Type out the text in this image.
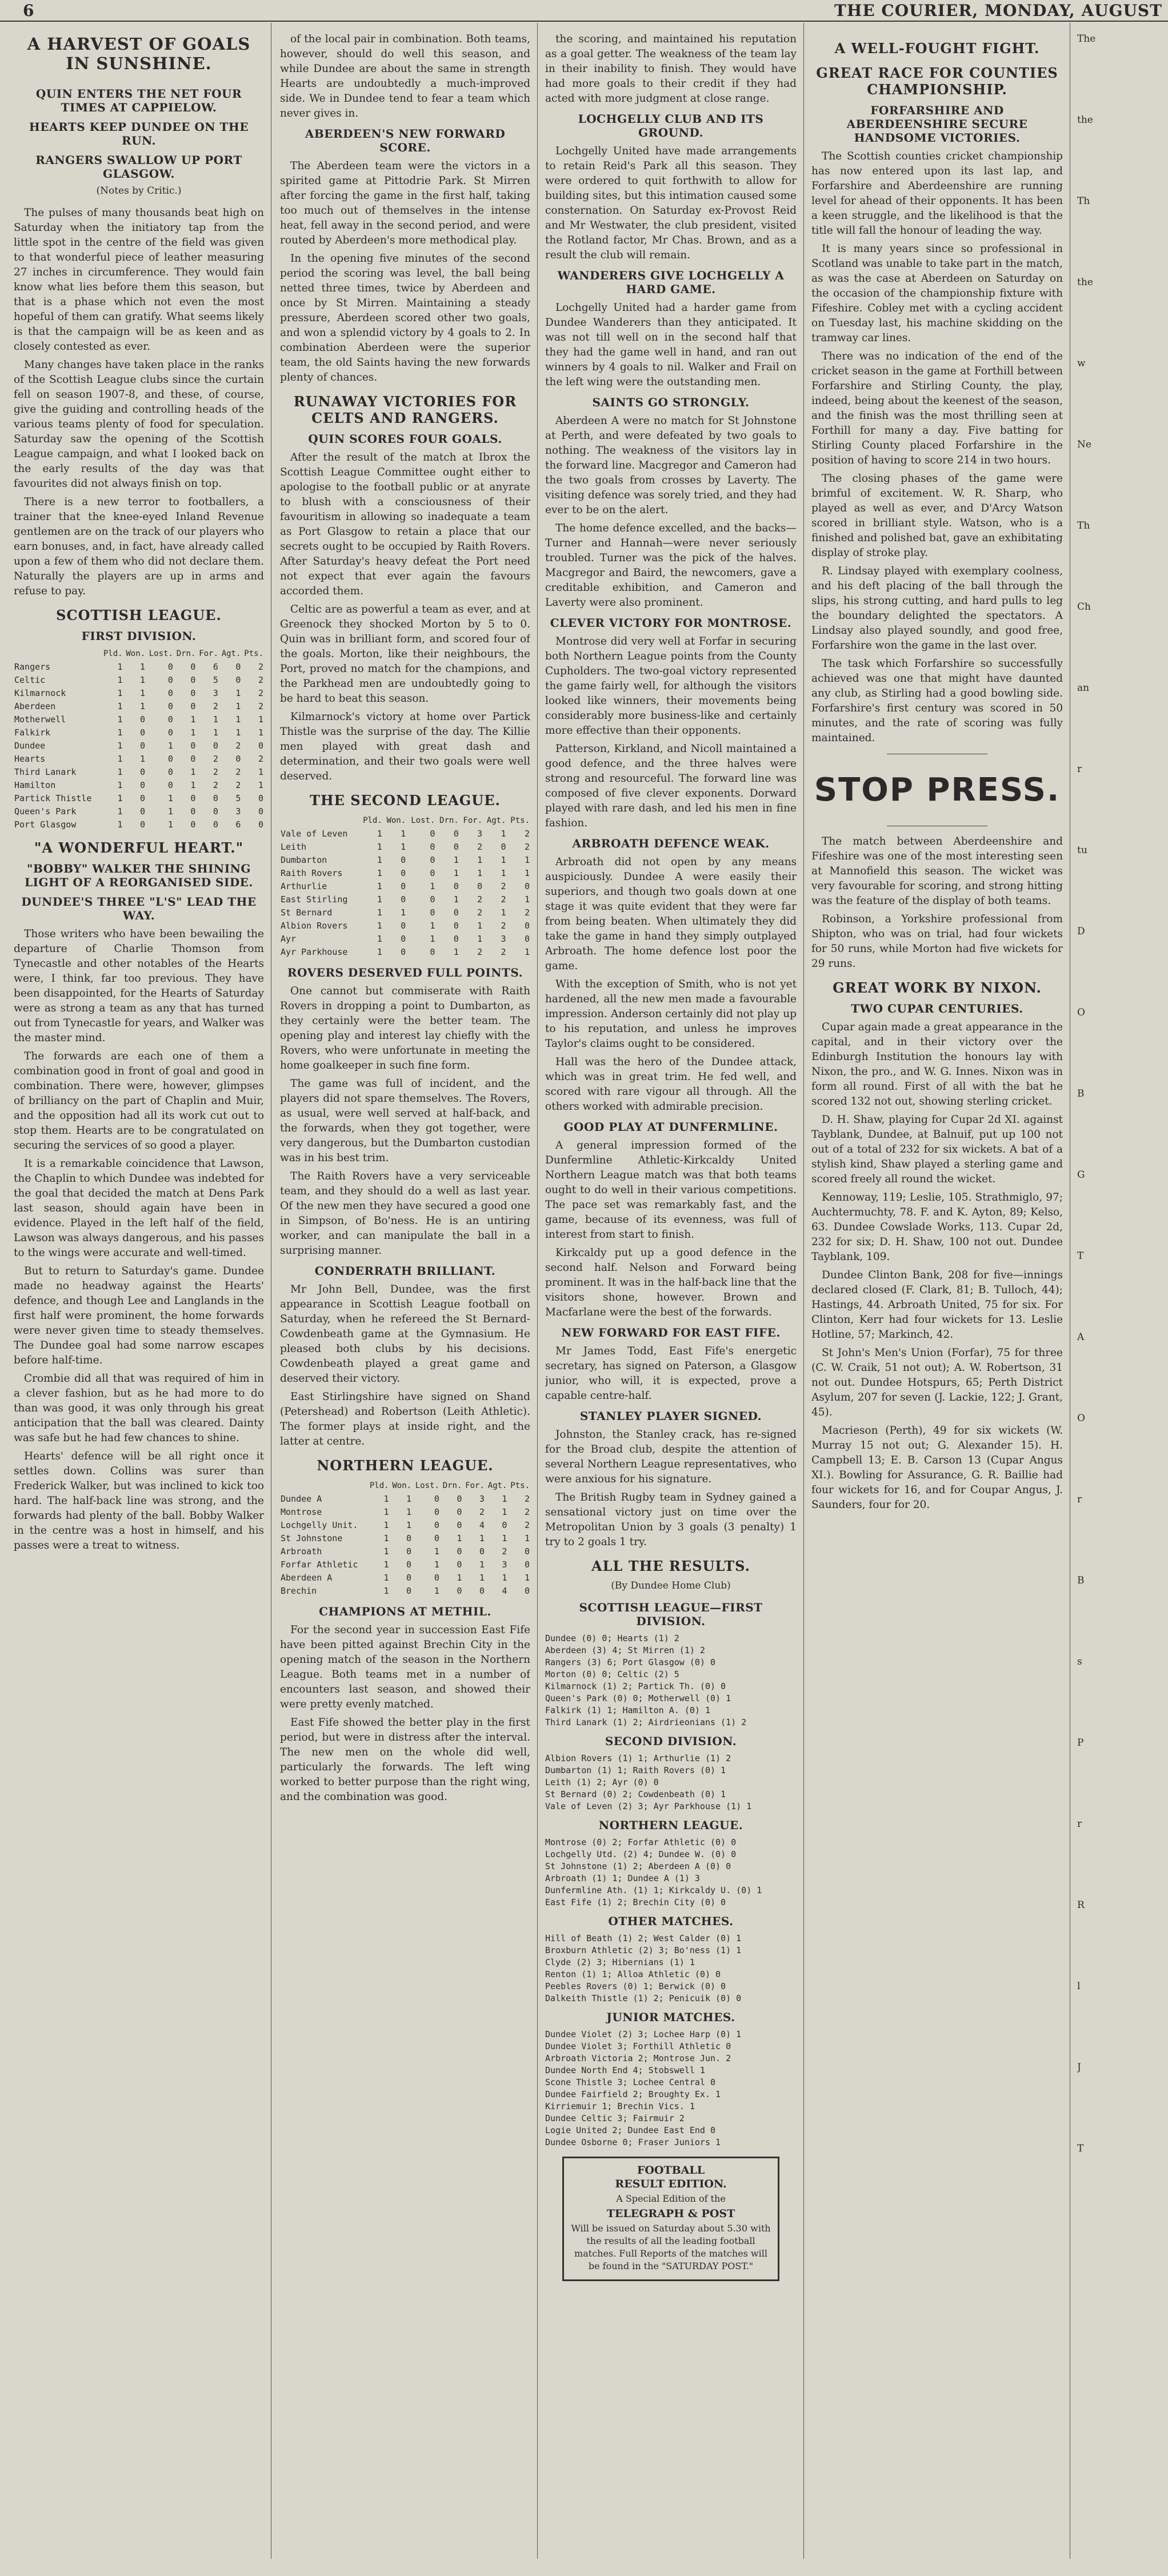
6	THE COURIER, MONDAY, AUGUST
A HARVEST OF GOALS IN SUNSHINE.
QUIN ENTERS THE NET FOUR TIMES AT CAPPIELOW.
HEARTS KEEP DUNDEE ON THE RUN.
RANGERS SWALLOW UP PORT GLASGOW.
(Notes by Critic.)

The pulses of many thousands beat high on Saturday when the initiatory tap from the little spot in the centre of the field was given to that wonderful piece of leather measuring 27 inches in circumference. They would fain know what lies before them this season, but that is a phase which not even the most hopeful of them can gratify. What seems likely is that the campaign will be as keen and as closely contested as ever.

Many changes have taken place in the ranks of the Scottish League clubs since the curtain fell on season 1907-8, and these, of course, give the guiding and controlling heads of the various teams plenty of food for speculation. Saturday saw the opening of the Scottish League campaign, and what I looked back on the early results of the day was that favourites did not always finish on top.

There is a new terror to footballers, a trainer that the knee-eyed Inland Revenue gentlemen are on the track of our players who earn bonuses, and, in fact, have already called upon a few of them who did not declare them. Naturally the players are up in arms and refuse to pay.

SCOTTISH LEAGUE.
FIRST DIVISION.
	Pld.	Won.	Lost.	Drn.	For.	Agt.	Pts.
Rangers	1	1	0	0	6	0	2
Celtic	1	1	0	0	5	0	2
Kilmarnock	1	1	0	0	3	1	2
Aberdeen	1	1	0	0	2	1	2
Motherwell	1	0	0	1	1	1	1
Falkirk	1	0	0	1	1	1	1
Dundee	1	0	1	0	0	2	0
Hearts	1	1	0	0	2	0	2
Third Lanark	1	0	0	1	2	2	1
Hamilton	1	0	0	1	2	2	1
Partick Thistle	1	0	1	0	0	5	0
Queen's Park	1	0	1	0	0	3	0
Port Glasgow	1	0	1	0	0	6	0
"A WONDERFUL HEART."
"BOBBY" WALKER THE SHINING LIGHT OF A REORGANISED SIDE.
DUNDEE'S THREE "L'S" LEAD THE WAY.

Those writers who have been bewailing the departure of Charlie Thomson from Tynecastle and other notables of the Hearts were, I think, far too previous. They have been disappointed, for the Hearts of Saturday were as strong a team as any that has turned out from Tynecastle for years, and Walker was the master mind.

The forwards are each one of them a combination good in front of goal and good in combination. There were, however, glimpses of brilliancy on the part of Chaplin and Muir, and the opposition had all its work cut out to stop them. Hearts are to be congratulated on securing the services of so good a player.

It is a remarkable coincidence that Lawson, the Chaplin to which Dundee was indebted for the goal that decided the match at Dens Park last season, should again have been in evidence. Played in the left half of the field, Lawson was always dangerous, and his passes to the wings were accurate and well-timed.

But to return to Saturday's game. Dundee made no headway against the Hearts' defence, and though Lee and Langlands in the first half were prominent, the home forwards were never given time to steady themselves. The Dundee goal had some narrow escapes before half-time.

Crombie did all that was required of him in a clever fashion, but as he had more to do than was good, it was only through his great anticipation that the ball was cleared. Dainty was safe but he had few chances to shine.

Hearts' defence will be all right once it settles down. Collins was surer than Frederick Walker, but was inclined to kick too hard. The half-back line was strong, and the forwards had plenty of the ball. Bobby Walker in the centre was a host in himself, and his passes were a treat to witness.

of the local pair in combination. Both teams, however, should do well this season, and while Dundee are about the same in strength Hearts are undoubtedly a much-improved side. We in Dundee tend to fear a team which never gives in.

ABERDEEN'S NEW FORWARD SCORE.

The Aberdeen team were the victors in a spirited game at Pittodrie Park. St Mirren after forcing the game in the first half, taking too much out of themselves in the intense heat, fell away in the second period, and were routed by Aberdeen's more methodical play.

In the opening five minutes of the second period the scoring was level, the ball being netted three times, twice by Aberdeen and once by St Mirren. Maintaining a steady pressure, Aberdeen scored other two goals, and won a splendid victory by 4 goals to 2. In combination Aberdeen were the superior team, the old Saints having the new forwards plenty of chances.

RUNAWAY VICTORIES FOR CELTS AND RANGERS.
QUIN SCORES FOUR GOALS.

After the result of the match at Ibrox the Scottish League Committee ought either to apologise to the football public or at anyrate to blush with a consciousness of their favouritism in allowing so inadequate a team as Port Glasgow to retain a place that our secrets ought to be occupied by Raith Rovers. After Saturday's heavy defeat the Port need not expect that ever again the favours accorded them.

Celtic are as powerful a team as ever, and at Greenock they shocked Morton by 5 to 0. Quin was in brilliant form, and scored four of the goals. Morton, like their neighbours, the Port, proved no match for the champions, and the Parkhead men are undoubtedly going to be hard to beat this season.

Kilmarnock's victory at home over Partick Thistle was the surprise of the day. The Killie men played with great dash and determination, and their two goals were well deserved.

THE SECOND LEAGUE.
	Pld.	Won.	Lost.	Drn.	For.	Agt.	Pts.
Vale of Leven	1	1	0	0	3	1	2
Leith	1	1	0	0	2	0	2
Dumbarton	1	0	0	1	1	1	1
Raith Rovers	1	0	0	1	1	1	1
Arthurlie	1	0	1	0	0	2	0
East Stirling	1	0	0	1	2	2	1
St Bernard	1	1	0	0	2	1	2
Albion Rovers	1	0	1	0	1	2	0
Ayr	1	0	1	0	1	3	0
Ayr Parkhouse	1	0	0	1	2	2	1
ROVERS DESERVED FULL POINTS.

One cannot but commiserate with Raith Rovers in dropping a point to Dumbarton, as they certainly were the better team. The opening play and interest lay chiefly with the Rovers, who were unfortunate in meeting the home goalkeeper in such fine form.

The game was full of incident, and the players did not spare themselves. The Rovers, as usual, were well served at half-back, and the forwards, when they got together, were very dangerous, but the Dumbarton custodian was in his best trim.

The Raith Rovers have a very serviceable team, and they should do a well as last year. Of the new men they have secured a good one in Simpson, of Bo'ness. He is an untiring worker, and can manipulate the ball in a surprising manner.

CONDERRATH BRILLIANT.

Mr John Bell, Dundee, was the first appearance in Scottish League football on Saturday, when he refereed the St Bernard-Cowdenbeath game at the Gymnasium. He pleased both clubs by his decisions. Cowdenbeath played a great game and deserved their victory.

East Stirlingshire have signed on Shand (Petershead) and Robertson (Leith Athletic). The former plays at inside right, and the latter at centre.

NORTHERN LEAGUE.
	Pld.	Won.	Lost.	Drn.	For.	Agt.	Pts.
Dundee A	1	1	0	0	3	1	2
Montrose	1	1	0	0	2	1	2
Lochgelly Unit.	1	1	0	0	4	0	2
St Johnstone	1	0	0	1	1	1	1
Arbroath	1	0	1	0	0	2	0
Forfar Athletic	1	0	1	0	1	3	0
Aberdeen A	1	0	0	1	1	1	1
Brechin	1	0	1	0	0	4	0
CHAMPIONS AT METHIL.

For the second year in succession East Fife have been pitted against Brechin City in the opening match of the season in the Northern League. Both teams met in a number of encounters last season, and showed their were pretty evenly matched.

East Fife showed the better play in the first period, but were in distress after the interval. The new men on the whole did well, particularly the forwards. The left wing worked to better purpose than the right wing, and the combination was good.

the scoring, and maintained his reputation as a goal getter. The weakness of the team lay in their inability to finish. They would have had more goals to their credit if they had acted with more judgment at close range.

LOCHGELLY CLUB AND ITS GROUND.

Lochgelly United have made arrangements to retain Reid's Park all this season. They were ordered to quit forthwith to allow for building sites, but this intimation caused some consternation. On Saturday ex-Provost Reid and Mr Westwater, the club president, visited the Rotland factor, Mr Chas. Brown, and as a result the club will remain.

WANDERERS GIVE LOCHGELLY A HARD GAME.

Lochgelly United had a harder game from Dundee Wanderers than they anticipated. It was not till well on in the second half that they had the game well in hand, and ran out winners by 4 goals to nil. Walker and Frail on the left wing were the outstanding men.

SAINTS GO STRONGLY.

Aberdeen A were no match for St Johnstone at Perth, and were defeated by two goals to nothing. The weakness of the visitors lay in the forward line. Macgregor and Cameron had the two goals from crosses by Laverty. The visiting defence was sorely tried, and they had ever to be on the alert.

The home defence excelled, and the backs—Turner and Hannah—were never seriously troubled. Turner was the pick of the halves. Macgregor and Baird, the newcomers, gave a creditable exhibition, and Cameron and Laverty were also prominent.

CLEVER VICTORY FOR MONTROSE.

Montrose did very well at Forfar in securing both Northern League points from the County Cupholders. The two-goal victory represented the game fairly well, for although the visitors looked like winners, their movements being considerably more business-like and certainly more effective than their opponents.

Patterson, Kirkland, and Nicoll maintained a good defence, and the three halves were strong and resourceful. The forward line was composed of five clever exponents. Dorward played with rare dash, and led his men in fine fashion.

ARBROATH DEFENCE WEAK.

Arbroath did not open by any means auspiciously. Dundee A were easily their superiors, and though two goals down at one stage it was quite evident that they were far from being beaten. When ultimately they did take the game in hand they simply outplayed Arbroath. The home defence lost poor the game.

With the exception of Smith, who is not yet hardened, all the new men made a favourable impression. Anderson certainly did not play up to his reputation, and unless he improves Taylor's claims ought to be considered.

Hall was the hero of the Dundee attack, which was in great trim. He fed well, and scored with rare vigour all through. All the others worked with admirable precision.

GOOD PLAY AT DUNFERMLINE.

A general impression formed of the Dunfermline Athletic-Kirkcaldy United Northern League match was that both teams ought to do well in their various competitions. The pace set was remarkably fast, and the game, because of its evenness, was full of interest from start to finish.

Kirkcaldy put up a good defence in the second half. Nelson and Forward being prominent. It was in the half-back line that the visitors shone, however. Brown and Macfarlane were the best of the forwards.

NEW FORWARD FOR EAST FIFE.

Mr James Todd, East Fife's energetic secretary, has signed on Paterson, a Glasgow junior, who will, it is expected, prove a capable centre-half.

STANLEY PLAYER SIGNED.

Johnston, the Stanley crack, has re-signed for the Broad club, despite the attention of several Northern League representatives, who were anxious for his signature.

The British Rugby team in Sydney gained a sensational victory just on time over the Metropolitan Union by 3 goals (3 penalty) 1 try to 2 goals 1 try.

ALL THE RESULTS.
(By Dundee Home Club)
SCOTTISH LEAGUE—FIRST DIVISION.

Dundee (0) 0; Hearts (1) 2

Aberdeen (3) 4; St Mirren (1) 2

Rangers (3) 6; Port Glasgow (0) 0

Morton (0) 0; Celtic (2) 5

Kilmarnock (1) 2; Partick Th. (0) 0

Queen's Park (0) 0; Motherwell (0) 1

Falkirk (1) 1; Hamilton A. (0) 1

Third Lanark (1) 2; Airdrieonians (1) 2

SECOND DIVISION.

Albion Rovers (1) 1; Arthurlie (1) 2

Dumbarton (1) 1; Raith Rovers (0) 1

Leith (1) 2; Ayr (0) 0

St Bernard (0) 2; Cowdenbeath (0) 1

Vale of Leven (2) 3; Ayr Parkhouse (1) 1

NORTHERN LEAGUE.

Montrose (0) 2; Forfar Athletic (0) 0

Lochgelly Utd. (2) 4; Dundee W. (0) 0

St Johnstone (1) 2; Aberdeen A (0) 0

Arbroath (1) 1; Dundee A (1) 3

Dunfermline Ath. (1) 1; Kirkcaldy U. (0) 1

East Fife (1) 2; Brechin City (0) 0

OTHER MATCHES.

Hill of Beath (1) 2; West Calder (0) 1

Broxburn Athletic (2) 3; Bo'ness (1) 1

Clyde (2) 3; Hibernians (1) 1

Renton (1) 1; Alloa Athletic (0) 0

Peebles Rovers (0) 1; Berwick (0) 0

Dalkeith Thistle (1) 2; Penicuik (0) 0

JUNIOR MATCHES.

Dundee Violet (2) 3; Lochee Harp (0) 1

Dundee Violet 3; Forthill Athletic 0

Arbroath Victoria 2; Montrose Jun. 2

Dundee North End 4; Stobswell 1

Scone Thistle 3; Lochee Central 0

Dundee Fairfield 2; Broughty Ex. 1

Kirriemuir 1; Brechin Vics. 1

Dundee Celtic 3; Fairmuir 2

Logie United 2; Dundee East End 0

Dundee Osborne 0; Fraser Juniors 1

FOOTBALL
RESULT EDITION.
A Special Edition of the
TELEGRAPH & POST
Will be issued on Saturday about 5.30 with the results of all the leading football matches. Full Reports of the matches will be found in the "SATURDAY POST."
A WELL-FOUGHT FIGHT.
GREAT RACE FOR COUNTIES CHAMPIONSHIP.
FORFARSHIRE AND ABERDEENSHIRE SECURE HANDSOME VICTORIES.

The Scottish counties cricket championship has now entered upon its last lap, and Forfarshire and Aberdeenshire are running level for ahead of their opponents. It has been a keen struggle, and the likelihood is that the title will fall the honour of leading the way.

It is many years since so professional in Scotland was unable to take part in the match, as was the case at Aberdeen on Saturday on the occasion of the championship fixture with Fifeshire. Cobley met with a cycling accident on Tuesday last, his machine skidding on the tramway car lines.

There was no indication of the end of the cricket season in the game at Forthill between Forfarshire and Stirling County, the play, indeed, being about the keenest of the season, and the finish was the most thrilling seen at Forthill for many a day. Five batting for Stirling County placed Forfarshire in the position of having to score 214 in two hours.

The closing phases of the game were brimful of excitement. W. R. Sharp, who played as well as ever, and D'Arcy Watson scored in brilliant style. Watson, who is a finished and polished bat, gave an exhibitating display of stroke play.

R. Lindsay played with exemplary coolness, and his deft placing of the ball through the slips, his strong cutting, and hard pulls to leg the boundary delighted the spectators. A Lindsay also played soundly, and good free, Forfarshire won the game in the last over.

The task which Forfarshire so successfully achieved was one that might have daunted any club, as Stirling had a good bowling side. Forfarshire's first century was scored in 50 minutes, and the rate of scoring was fully maintained.

STOP PRESS.

The match between Aberdeenshire and Fifeshire was one of the most interesting seen at Mannofield this season. The wicket was very favourable for scoring, and strong hitting was the feature of the display of both teams.

Robinson, a Yorkshire professional from Shipton, who was on trial, had four wickets for 50 runs, while Morton had five wickets for 29 runs.

GREAT WORK BY NIXON.
TWO CUPAR CENTURIES.

Cupar again made a great appearance in the capital, and in their victory over the Edinburgh Institution the honours lay with Nixon, the pro., and W. G. Innes. Nixon was in form all round. First of all with the bat he scored 132 not out, showing sterling cricket.

D. H. Shaw, playing for Cupar 2d XI. against Tayblank, Dundee, at Balnuif, put up 100 not out of a total of 232 for six wickets. A bat of a stylish kind, Shaw played a sterling game and scored freely all round the wicket.

Kennoway, 119; Leslie, 105. Strathmiglo, 97; Auchtermuchty, 78. F. and K. Ayton, 89; Kelso, 63. Dundee Cowslade Works, 113. Cupar 2d, 232 for six; D. H. Shaw, 100 not out. Dundee Tayblank, 109.

Dundee Clinton Bank, 208 for five—innings declared closed (F. Clark, 81; B. Tulloch, 44); Hastings, 44. Arbroath United, 75 for six. For Clinton, Kerr had four wickets for 13. Leslie Hotline, 57; Markinch, 42.

St John's Men's Union (Forfar), 75 for three (C. W. Craik, 51 not out); A. W. Robertson, 31 not out. Dundee Hotspurs, 65; Perth District Asylum, 207 for seven (J. Lackie, 122; J. Grant, 45).

Macrieson (Perth), 49 for six wickets (W. Murray 15 not out; G. Alexander 15). H. Campbell 13; E. B. Carson 13 (Cupar Angus XI.). Bowling for Assurance, G. R. Baillie had four wickets for 16, and for Coupar Angus, J. Saunders, four for 20.

The

the

Th

the

w

Ne

Th

Ch

an

r

tu

D

O

B

G

T

A

O

r

B

s

P

r

R

l

J

T
